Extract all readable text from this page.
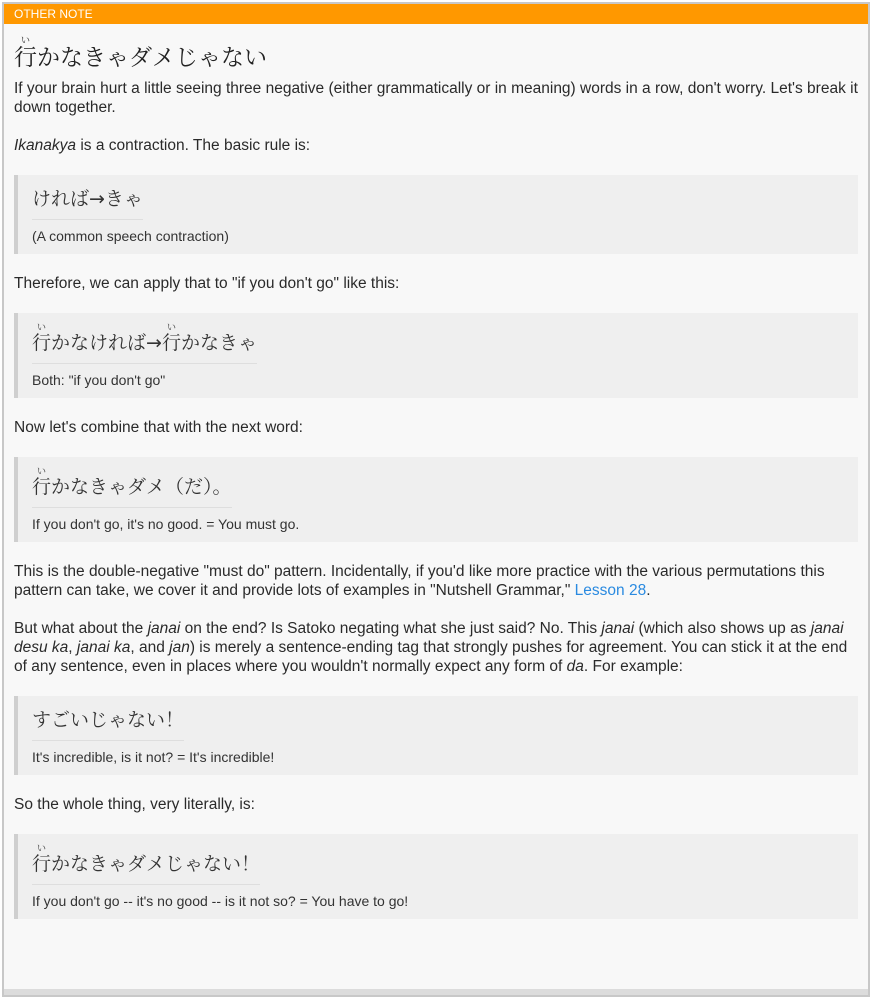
OTHER NOTE
行いかなきゃダメじゃない

If your brain hurt a little seeing three negative (either grammatically or in meaning) words in a row, don't worry. Let's break it down together.

Ikanakya is a contraction. The basic rule is:

ければ→きゃ
(A common speech contraction)

Therefore, we can apply that to "if you don't go" like this:

行いかなければ→行いかなきゃ
Both: "if you don't go"

Now let's combine that with the next word:

行いかなきゃダメ（だ）。
If you don't go, it's no good. = You must go.

This is the double-negative "must do" pattern. Incidentally, if you'd like more practice with the various permutations this pattern can take, we cover it and provide lots of examples in "Nutshell Grammar," Lesson 28.

But what about the janai on the end? Is Satoko negating what she just said? No. This janai (which also shows up as janai desu ka, janai ka, and jan) is merely a sentence-ending tag that strongly pushes for agreement. You can stick it at the end of any sentence, even in places where you wouldn't normally expect any form of da. For example:

すごいじゃない！
It's incredible, is it not? = It's incredible!

So the whole thing, very literally, is:

行いかなきゃダメじゃない！
If you don't go -- it's no good -- is it not so? = You have to go!
